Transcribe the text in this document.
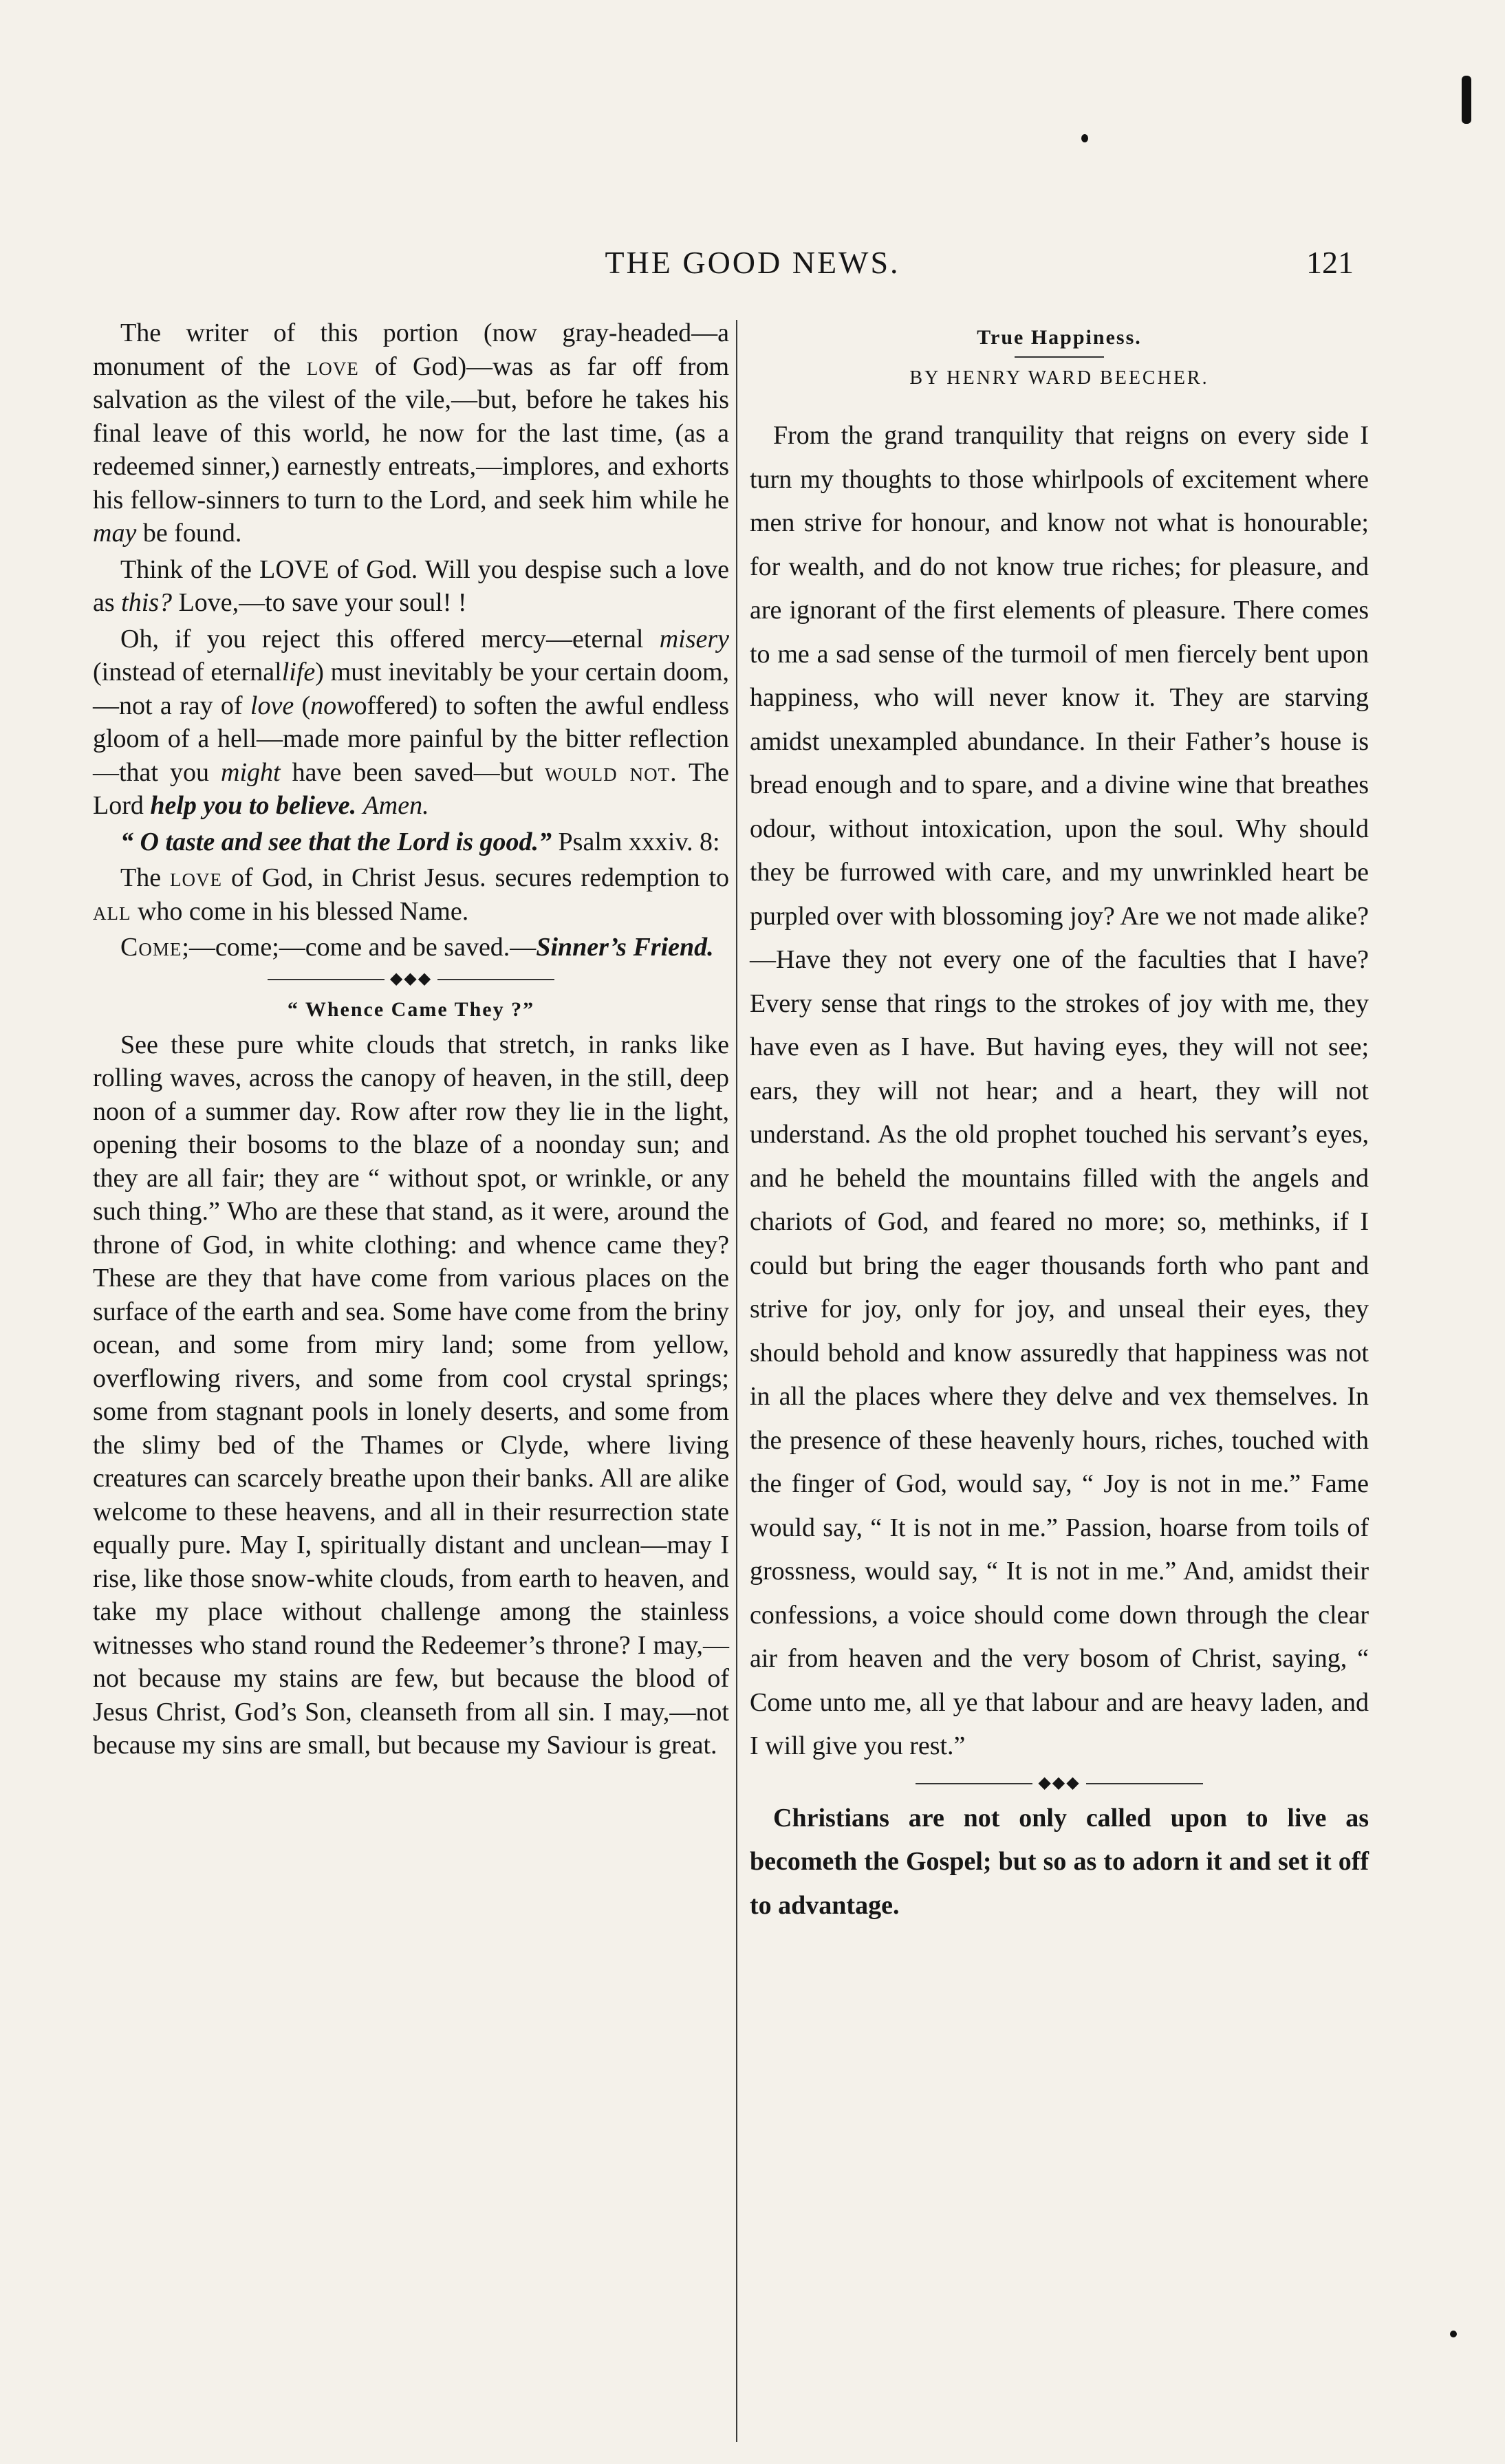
THE GOOD NEWS.	121

The writer of this portion (now gray-headed—a monument of the love of God)—was as far off from salvation as the vilest of the vile,—but, before he takes his final leave of this world, he now for the last time, (as a redeemed sinner,) earnestly entreats,—implores, and exhorts his fellow-sinners to turn to the Lord, and seek him while he may be found.

Think of the LOVE of God. Will you despise such a love as this? Love,—to save your soul! !

Oh, if you reject this offered mercy—eternal misery (instead of eternallife) must inevitably be your certain doom,—not a ray of love (nowoffered) to soften the awful endless gloom of a hell—made more painful by the bitter reflection—that you might have been saved—but would not. The Lord help you to believe. Amen.

“ O taste and see that the Lord is good.” Psalm xxxiv. 8:

The love of God, in Christ Jesus. secures redemption to all who come in his blessed Name.

Come;—come;—come and be saved.—Sinner’s Friend.

◆◆◆
“ Whence Came They ?”

See these pure white clouds that stretch, in ranks like rolling waves, across the canopy of heaven, in the still, deep noon of a summer day. Row after row they lie in the light, opening their bosoms to the blaze of a noonday sun; and they are all fair; they are “ without spot, or wrinkle, or any such thing.” Who are these that stand, as it were, around the throne of God, in white clothing: and whence came they? These are they that have come from various places on the surface of the earth and sea. Some have come from the briny ocean, and some from miry land; some from yellow, overflowing rivers, and some from cool crystal springs; some from stagnant pools in lonely deserts, and some from the slimy bed of the Thames or Clyde, where living creatures can scarcely breathe upon their banks. All are alike welcome to these heavens, and all in their resurrection state equally pure. May I, spiritually distant and unclean—may I rise, like those snow-white clouds, from earth to heaven, and take my place without challenge among the stainless witnesses who stand round the Redeemer’s throne? I may,—not because my stains are few, but because the blood of Jesus Christ, God’s Son, cleanseth from all sin. I may,—not because my sins are small, but because my Saviour is great.

True Happiness.
BY HENRY WARD BEECHER.

From the grand tranquility that reigns on every side I turn my thoughts to those whirlpools of excitement where men strive for honour, and know not what is honourable; for wealth, and do not know true riches; for pleasure, and are ignorant of the first elements of pleasure. There comes to me a sad sense of the turmoil of men fiercely bent upon happiness, who will never know it. They are starving amidst unexampled abundance. In their Father’s house is bread enough and to spare, and a divine wine that breathes odour, without intoxication, upon the soul. Why should they be furrowed with care, and my unwrinkled heart be purpled over with blossoming joy? Are we not made alike?—Have they not every one of the faculties that I have? Every sense that rings to the strokes of joy with me, they have even as I have. But having eyes, they will not see; ears, they will not hear; and a heart, they will not understand. As the old prophet touched his servant’s eyes, and he beheld the mountains filled with the angels and chariots of God, and feared no more; so, methinks, if I could but bring the eager thousands forth who pant and strive for joy, only for joy, and unseal their eyes, they should behold and know assuredly that happiness was not in all the places where they delve and vex themselves. In the presence of these heavenly hours, riches, touched with the finger of God, would say, “ Joy is not in me.” Fame would say, “ It is not in me.” Passion, hoarse from toils of grossness, would say, “ It is not in me.” And, amidst their confessions, a voice should come down through the clear air from heaven and the very bosom of Christ, saying, “ Come unto me, all ye that labour and are heavy laden, and I will give you rest.”

◆◆◆

Christians are not only called upon to live as becometh the Gospel; but so as to adorn it and set it off to advantage.
